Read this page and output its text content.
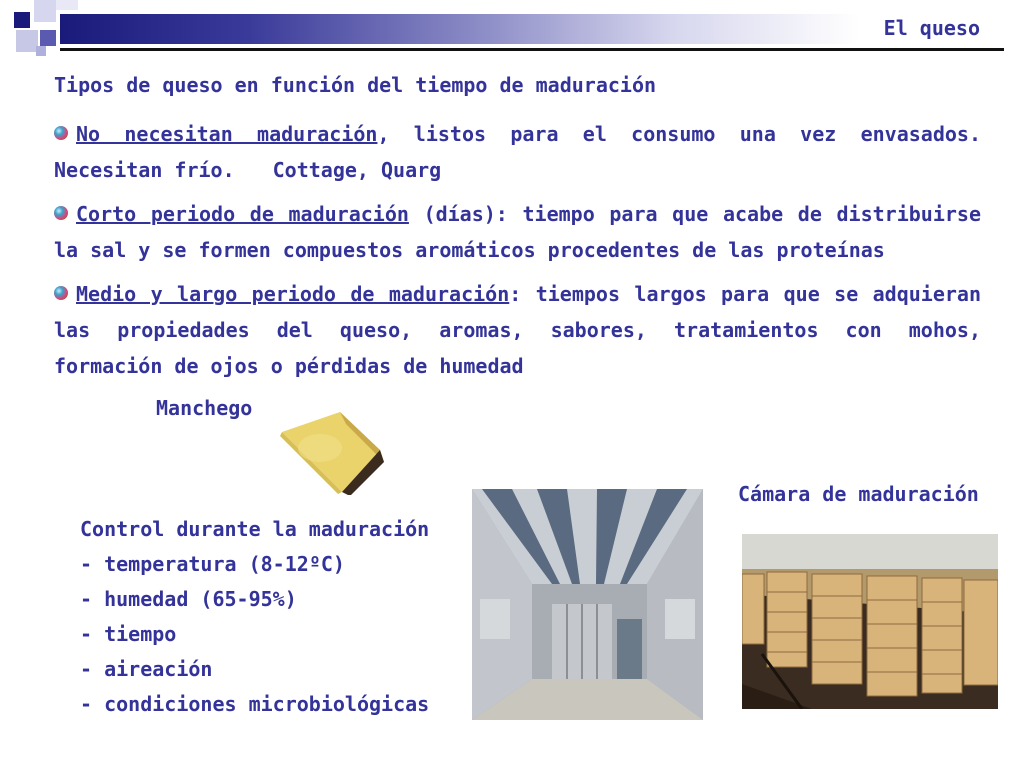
El queso
Tipos de queso en función del tiempo de maduración
No necesitan maduración, listos para el consumo una vez envasados. Necesitan frío. Cottage, Quarg
Corto periodo de maduración (días): tiempo para que acabe de distribuirse la sal y se formen compuestos aromáticos procedentes de las proteínas
Medio y largo periodo de maduración: tiempos largos para que se adquieran las propiedades del queso, aromas, sabores, tratamientos con mohos, formación de ojos o pérdidas de humedad
Manchego
Control durante la maduración
- temperatura (8-12ºC)
- humedad (65-95%)
- tiempo
- aireación
- condiciones microbiológicas
Cámara de maduración
